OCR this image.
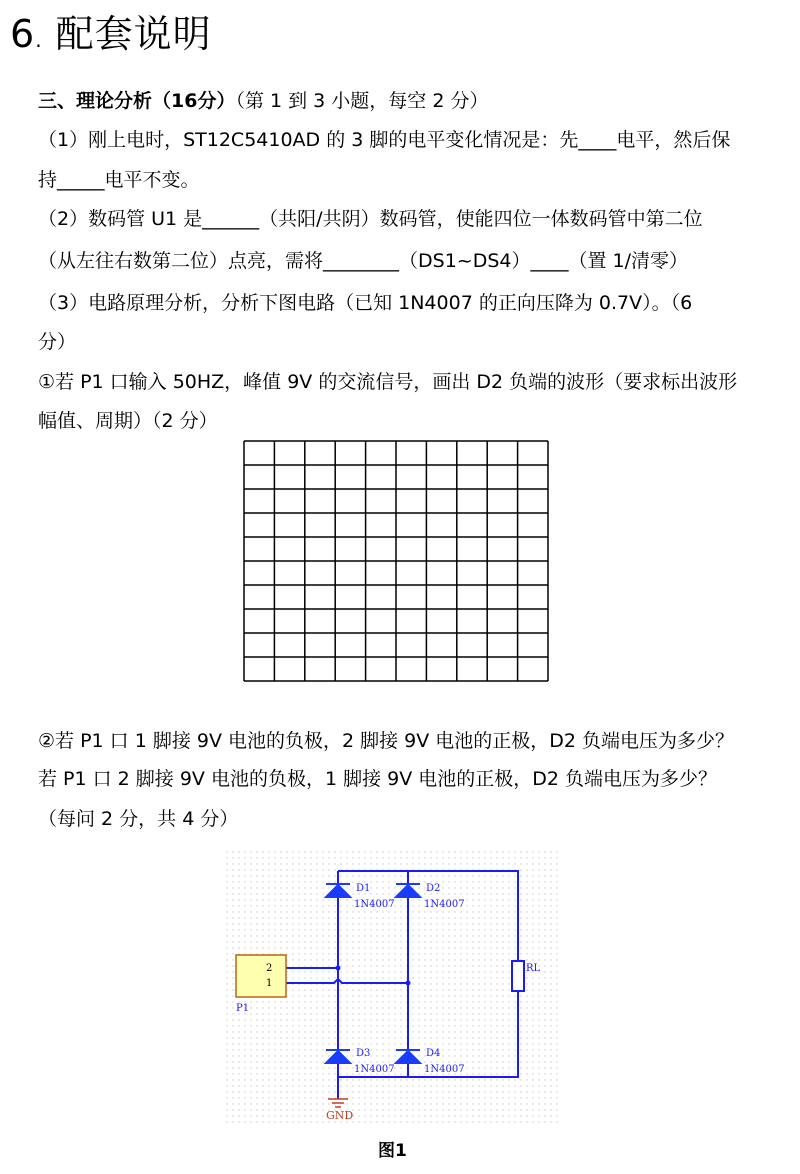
6. 配套说明
三、理论分析（16分）（第 1 到 3 小题，每空 2 分）
（1）刚上电时，ST12C5410AD 的 3 脚的电平变化情况是：先____电平，然后保
持_____电平不变。
（2）数码管 U1 是______（共阳/共阴）数码管，使能四位一体数码管中第二位
（从左往右数第二位）点亮，需将________（DS1~DS4）____（置 1/清零）
（3）电路原理分析，分析下图电路（已知 1N4007 的正向压降为 0.7V）。（6
分）
①若 P1 口输入 50HZ，峰值 9V 的交流信号，画出 D2 负端的波形（要求标出波形
幅值、周期）（2 分）
②若 P1 口 1 脚接 9V 电池的负极，2 脚接 9V 电池的正极，D2 负端电压为多少？
若 P1 口 2 脚接 9V 电池的负极，1 脚接 9V 电池的正极，D2 负端电压为多少？
（每问 2 分，共 4 分）
D1
1N4007
D2
1N4007
D3
1N4007
D4
1N4007
RL
P1
2
1
GND
图1
